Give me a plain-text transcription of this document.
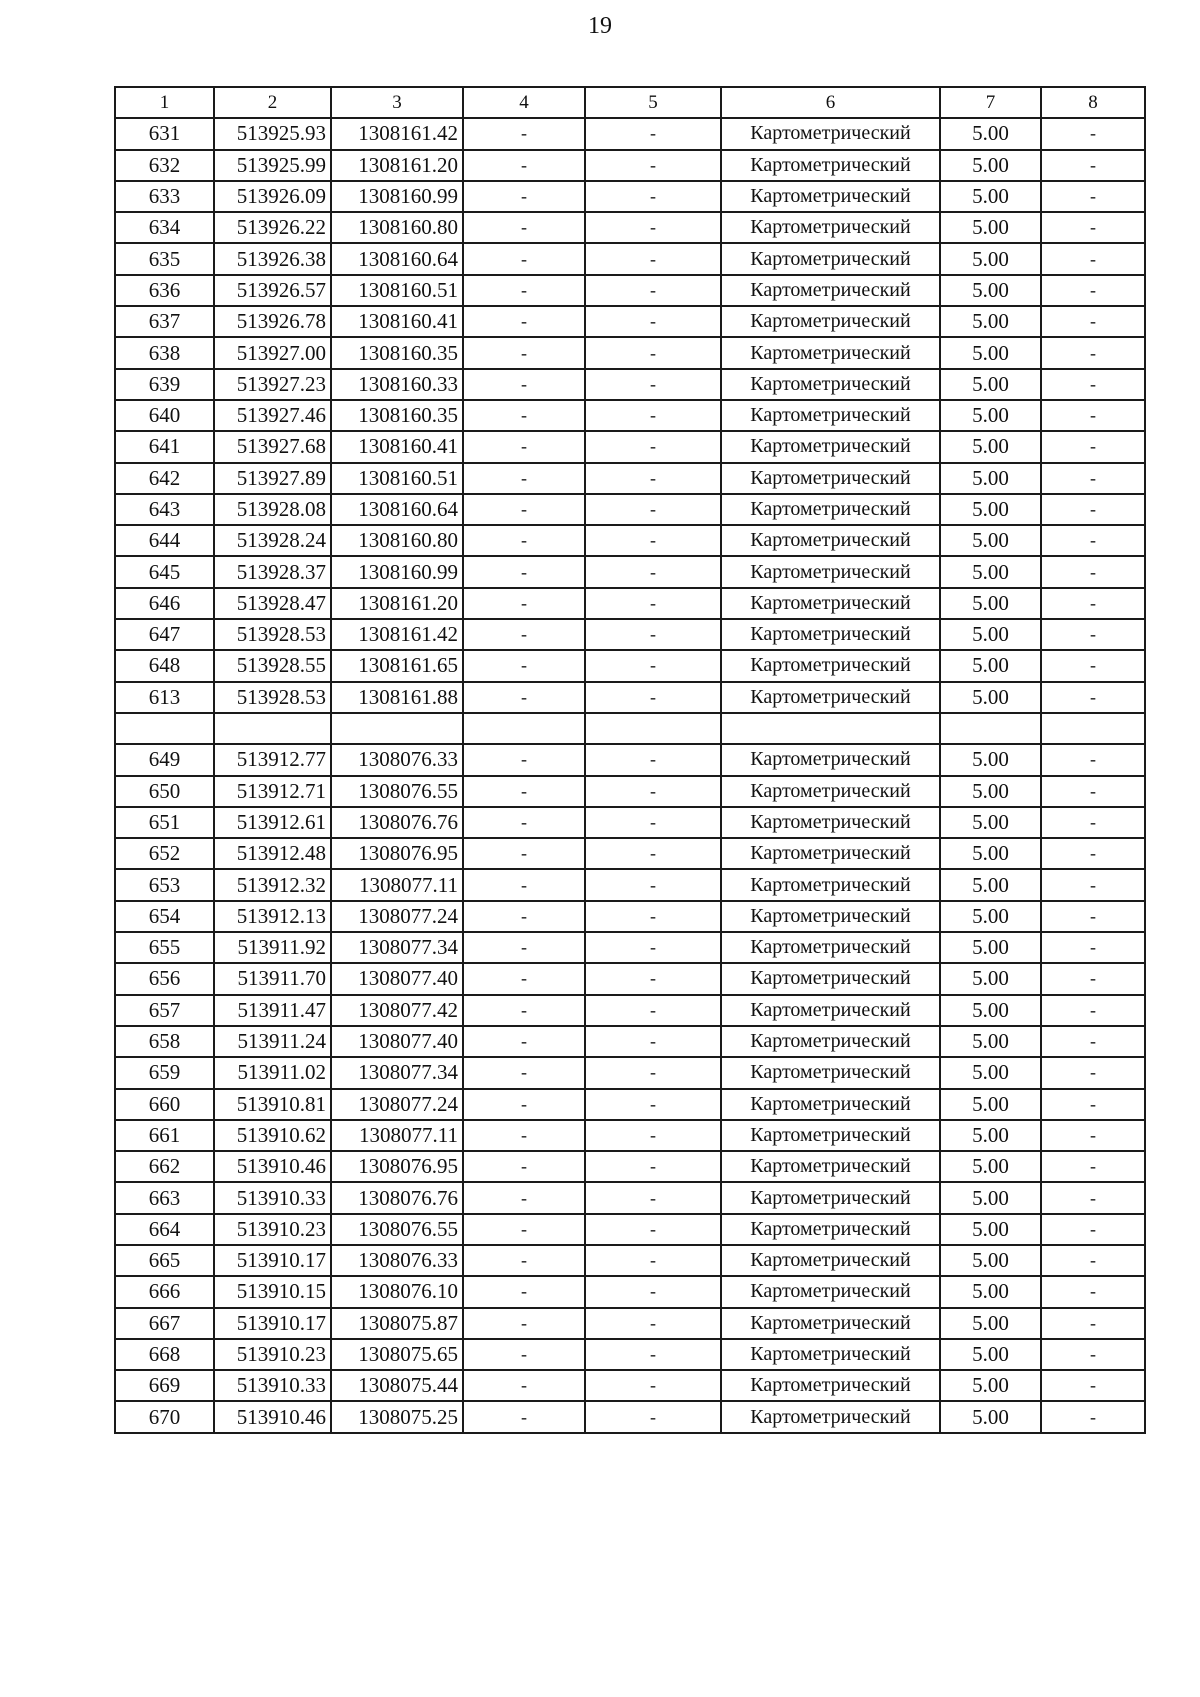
19
1	2	3	4	5	6	7	8
631	513925.93	1308161.42	-	-	Картометрический	5.00	-
632	513925.99	1308161.20	-	-	Картометрический	5.00	-
633	513926.09	1308160.99	-	-	Картометрический	5.00	-
634	513926.22	1308160.80	-	-	Картометрический	5.00	-
635	513926.38	1308160.64	-	-	Картометрический	5.00	-
636	513926.57	1308160.51	-	-	Картометрический	5.00	-
637	513926.78	1308160.41	-	-	Картометрический	5.00	-
638	513927.00	1308160.35	-	-	Картометрический	5.00	-
639	513927.23	1308160.33	-	-	Картометрический	5.00	-
640	513927.46	1308160.35	-	-	Картометрический	5.00	-
641	513927.68	1308160.41	-	-	Картометрический	5.00	-
642	513927.89	1308160.51	-	-	Картометрический	5.00	-
643	513928.08	1308160.64	-	-	Картометрический	5.00	-
644	513928.24	1308160.80	-	-	Картометрический	5.00	-
645	513928.37	1308160.99	-	-	Картометрический	5.00	-
646	513928.47	1308161.20	-	-	Картометрический	5.00	-
647	513928.53	1308161.42	-	-	Картометрический	5.00	-
648	513928.55	1308161.65	-	-	Картометрический	5.00	-
613	513928.53	1308161.88	-	-	Картометрический	5.00	-

649	513912.77	1308076.33	-	-	Картометрический	5.00	-
650	513912.71	1308076.55	-	-	Картометрический	5.00	-
651	513912.61	1308076.76	-	-	Картометрический	5.00	-
652	513912.48	1308076.95	-	-	Картометрический	5.00	-
653	513912.32	1308077.11	-	-	Картометрический	5.00	-
654	513912.13	1308077.24	-	-	Картометрический	5.00	-
655	513911.92	1308077.34	-	-	Картометрический	5.00	-
656	513911.70	1308077.40	-	-	Картометрический	5.00	-
657	513911.47	1308077.42	-	-	Картометрический	5.00	-
658	513911.24	1308077.40	-	-	Картометрический	5.00	-
659	513911.02	1308077.34	-	-	Картометрический	5.00	-
660	513910.81	1308077.24	-	-	Картометрический	5.00	-
661	513910.62	1308077.11	-	-	Картометрический	5.00	-
662	513910.46	1308076.95	-	-	Картометрический	5.00	-
663	513910.33	1308076.76	-	-	Картометрический	5.00	-
664	513910.23	1308076.55	-	-	Картометрический	5.00	-
665	513910.17	1308076.33	-	-	Картометрический	5.00	-
666	513910.15	1308076.10	-	-	Картометрический	5.00	-
667	513910.17	1308075.87	-	-	Картометрический	5.00	-
668	513910.23	1308075.65	-	-	Картометрический	5.00	-
669	513910.33	1308075.44	-	-	Картометрический	5.00	-
670	513910.46	1308075.25	-	-	Картометрический	5.00	-
